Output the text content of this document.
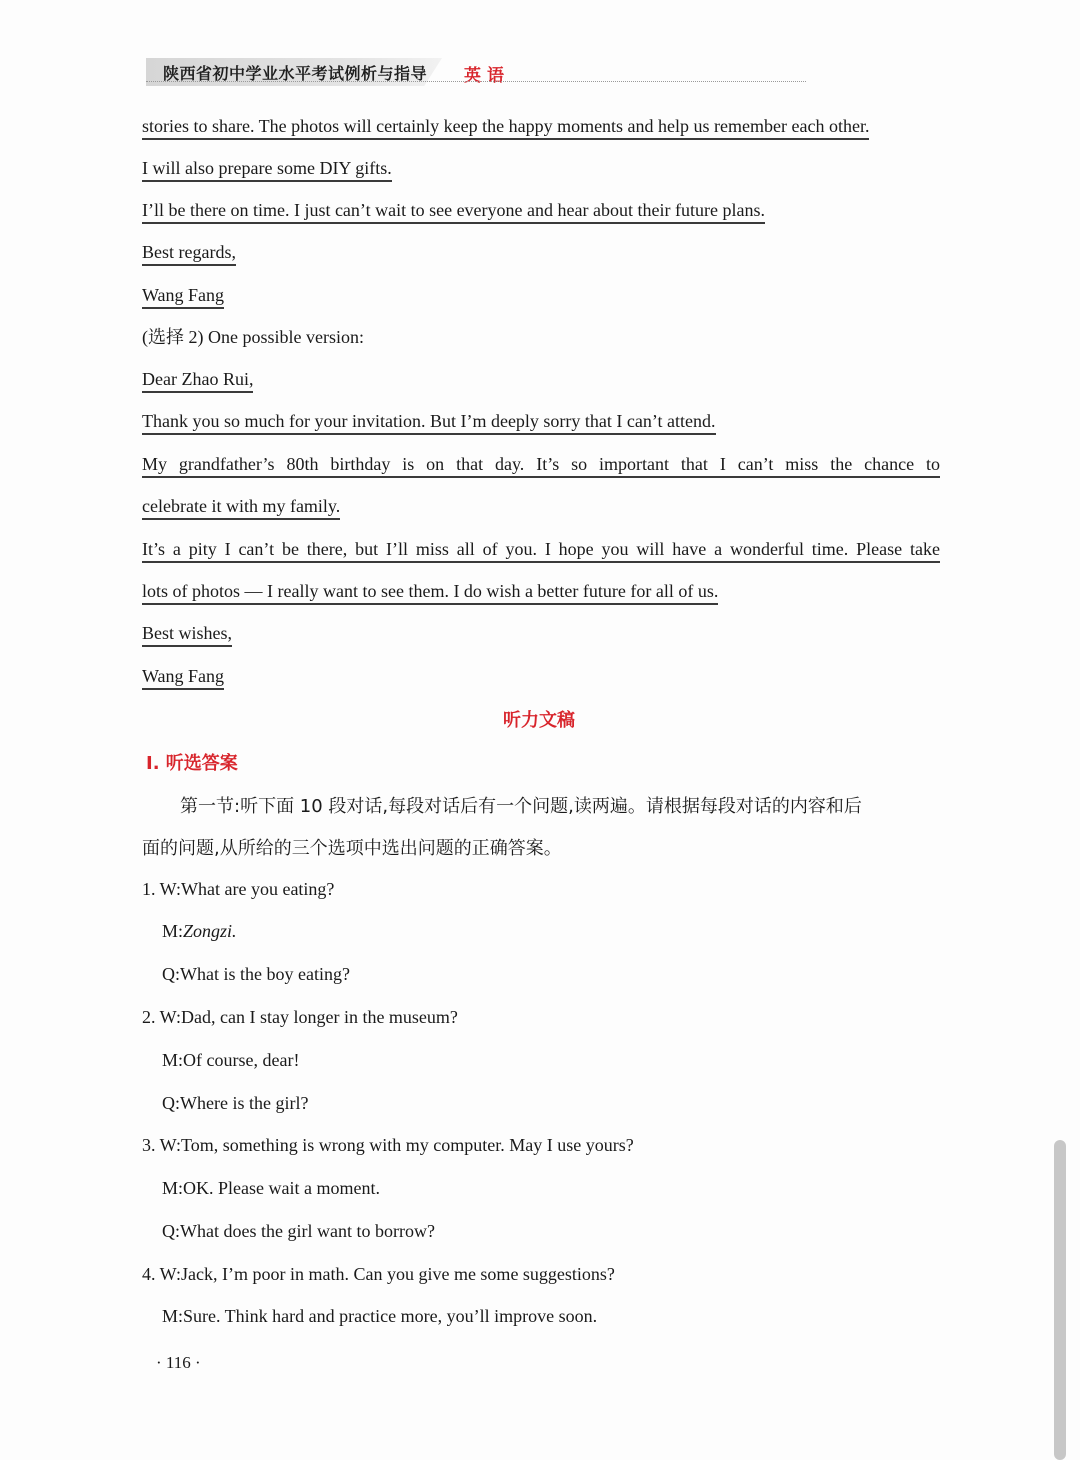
陕西省初中学业水平考试例析与指导 英语
stories to share. The photos will certainly keep the happy moments and help us remember each other.
I will also prepare some DIY gifts.
I’ll be there on time. I just can’t wait to see everyone and hear about their future plans.
Best regards,
Wang Fang
(选择 2) One possible version:
Dear Zhao Rui,
Thank you so much for your invitation. But I’m deeply sorry that I can’t attend.
My grandfather’s 80th birthday is on that day. It’s so important that I can’t miss the chance to
celebrate it with my family.
It’s a pity I can’t be there, but I’ll miss all of you. I hope you will have a wonderful time. Please take
lots of photos — I really want to see them. I do wish a better future for all of us.
Best wishes,
Wang Fang
听力文稿
Ⅰ. 听选答案
第一节:听下面 10 段对话,每段对话后有一个问题,读两遍。请根据每段对话的内容和后
面的问题,从所给的三个选项中选出问题的正确答案。
1. W:What are you eating?
M:Zongzi.
Q:What is the boy eating?
2. W:Dad, can I stay longer in the museum?
M:Of course, dear!
Q:Where is the girl?
3. W:Tom, something is wrong with my computer. May I use yours?
M:OK. Please wait a moment.
Q:What does the girl want to borrow?
4. W:Jack, I’m poor in math. Can you give me some suggestions?
M:Sure. Think hard and practice more, you’ll improve soon.
· 116 ·
